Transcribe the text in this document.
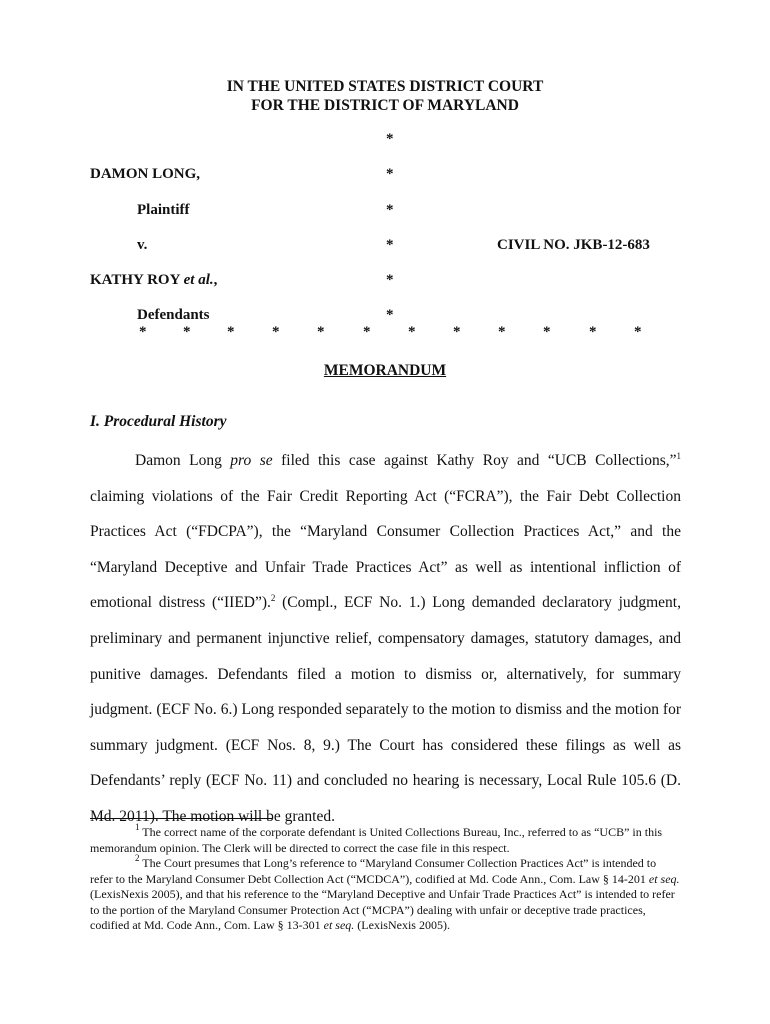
IN THE UNITED STATES DISTRICT COURT
FOR THE DISTRICT OF MARYLAND
*
*
*
*
*
*
DAMON LONG,
Plaintiff
v.	CIVIL NO. JKB-12-683
KATHY ROY et al.,
Defendants
* * *	*	*	*	*	*	*	*	*	*
MEMORANDUM
I. Procedural History
Damon Long pro se filed this case against Kathy Roy and “UCB Collections,”$^1$ claiming violations of the Fair Credit Reporting Act (“FCRA”), the Fair Debt Collection Practices Act (“FDCPA”), the “Maryland Consumer Collection Practices Act,” and the “Maryland Deceptive and Unfair Trade Practices Act” as well as intentional infliction of emotional distress (“IIED”).$^2$ (Compl., ECF No. 1.) Long demanded declaratory judgment, preliminary and permanent injunctive relief, compensatory damages, statutory damages, and punitive damages. Defendants filed a motion to dismiss or, alternatively, for summary judgment. (ECF No. 6.) Long responded separately to the motion to dismiss and the motion for summary judgment. (ECF Nos. 8, 9.) The Court has considered these filings as well as Defendants’ reply (ECF No. 11) and concluded no hearing is necessary, Local Rule 105.6 (D. Md. 2011). The motion will be granted.
$^1$ The correct name of the corporate defendant is United Collections Bureau, Inc., referred to as “UCB” in this memorandum opinion. The Clerk will be directed to correct the case file in this respect.
$^2$ The Court presumes that Long’s reference to “Maryland Consumer Collection Practices Act” is intended to refer to the Maryland Consumer Debt Collection Act (“MCDCA”), codified at Md. Code Ann., Com. Law § 14-201 et seq. (LexisNexis 2005), and that his reference to the “Maryland Deceptive and Unfair Trade Practices Act” is intended to refer to the portion of the Maryland Consumer Protection Act (“MCPA”) dealing with unfair or deceptive trade practices, codified at Md. Code Ann., Com. Law § 13-301 et seq. (LexisNexis 2005).
